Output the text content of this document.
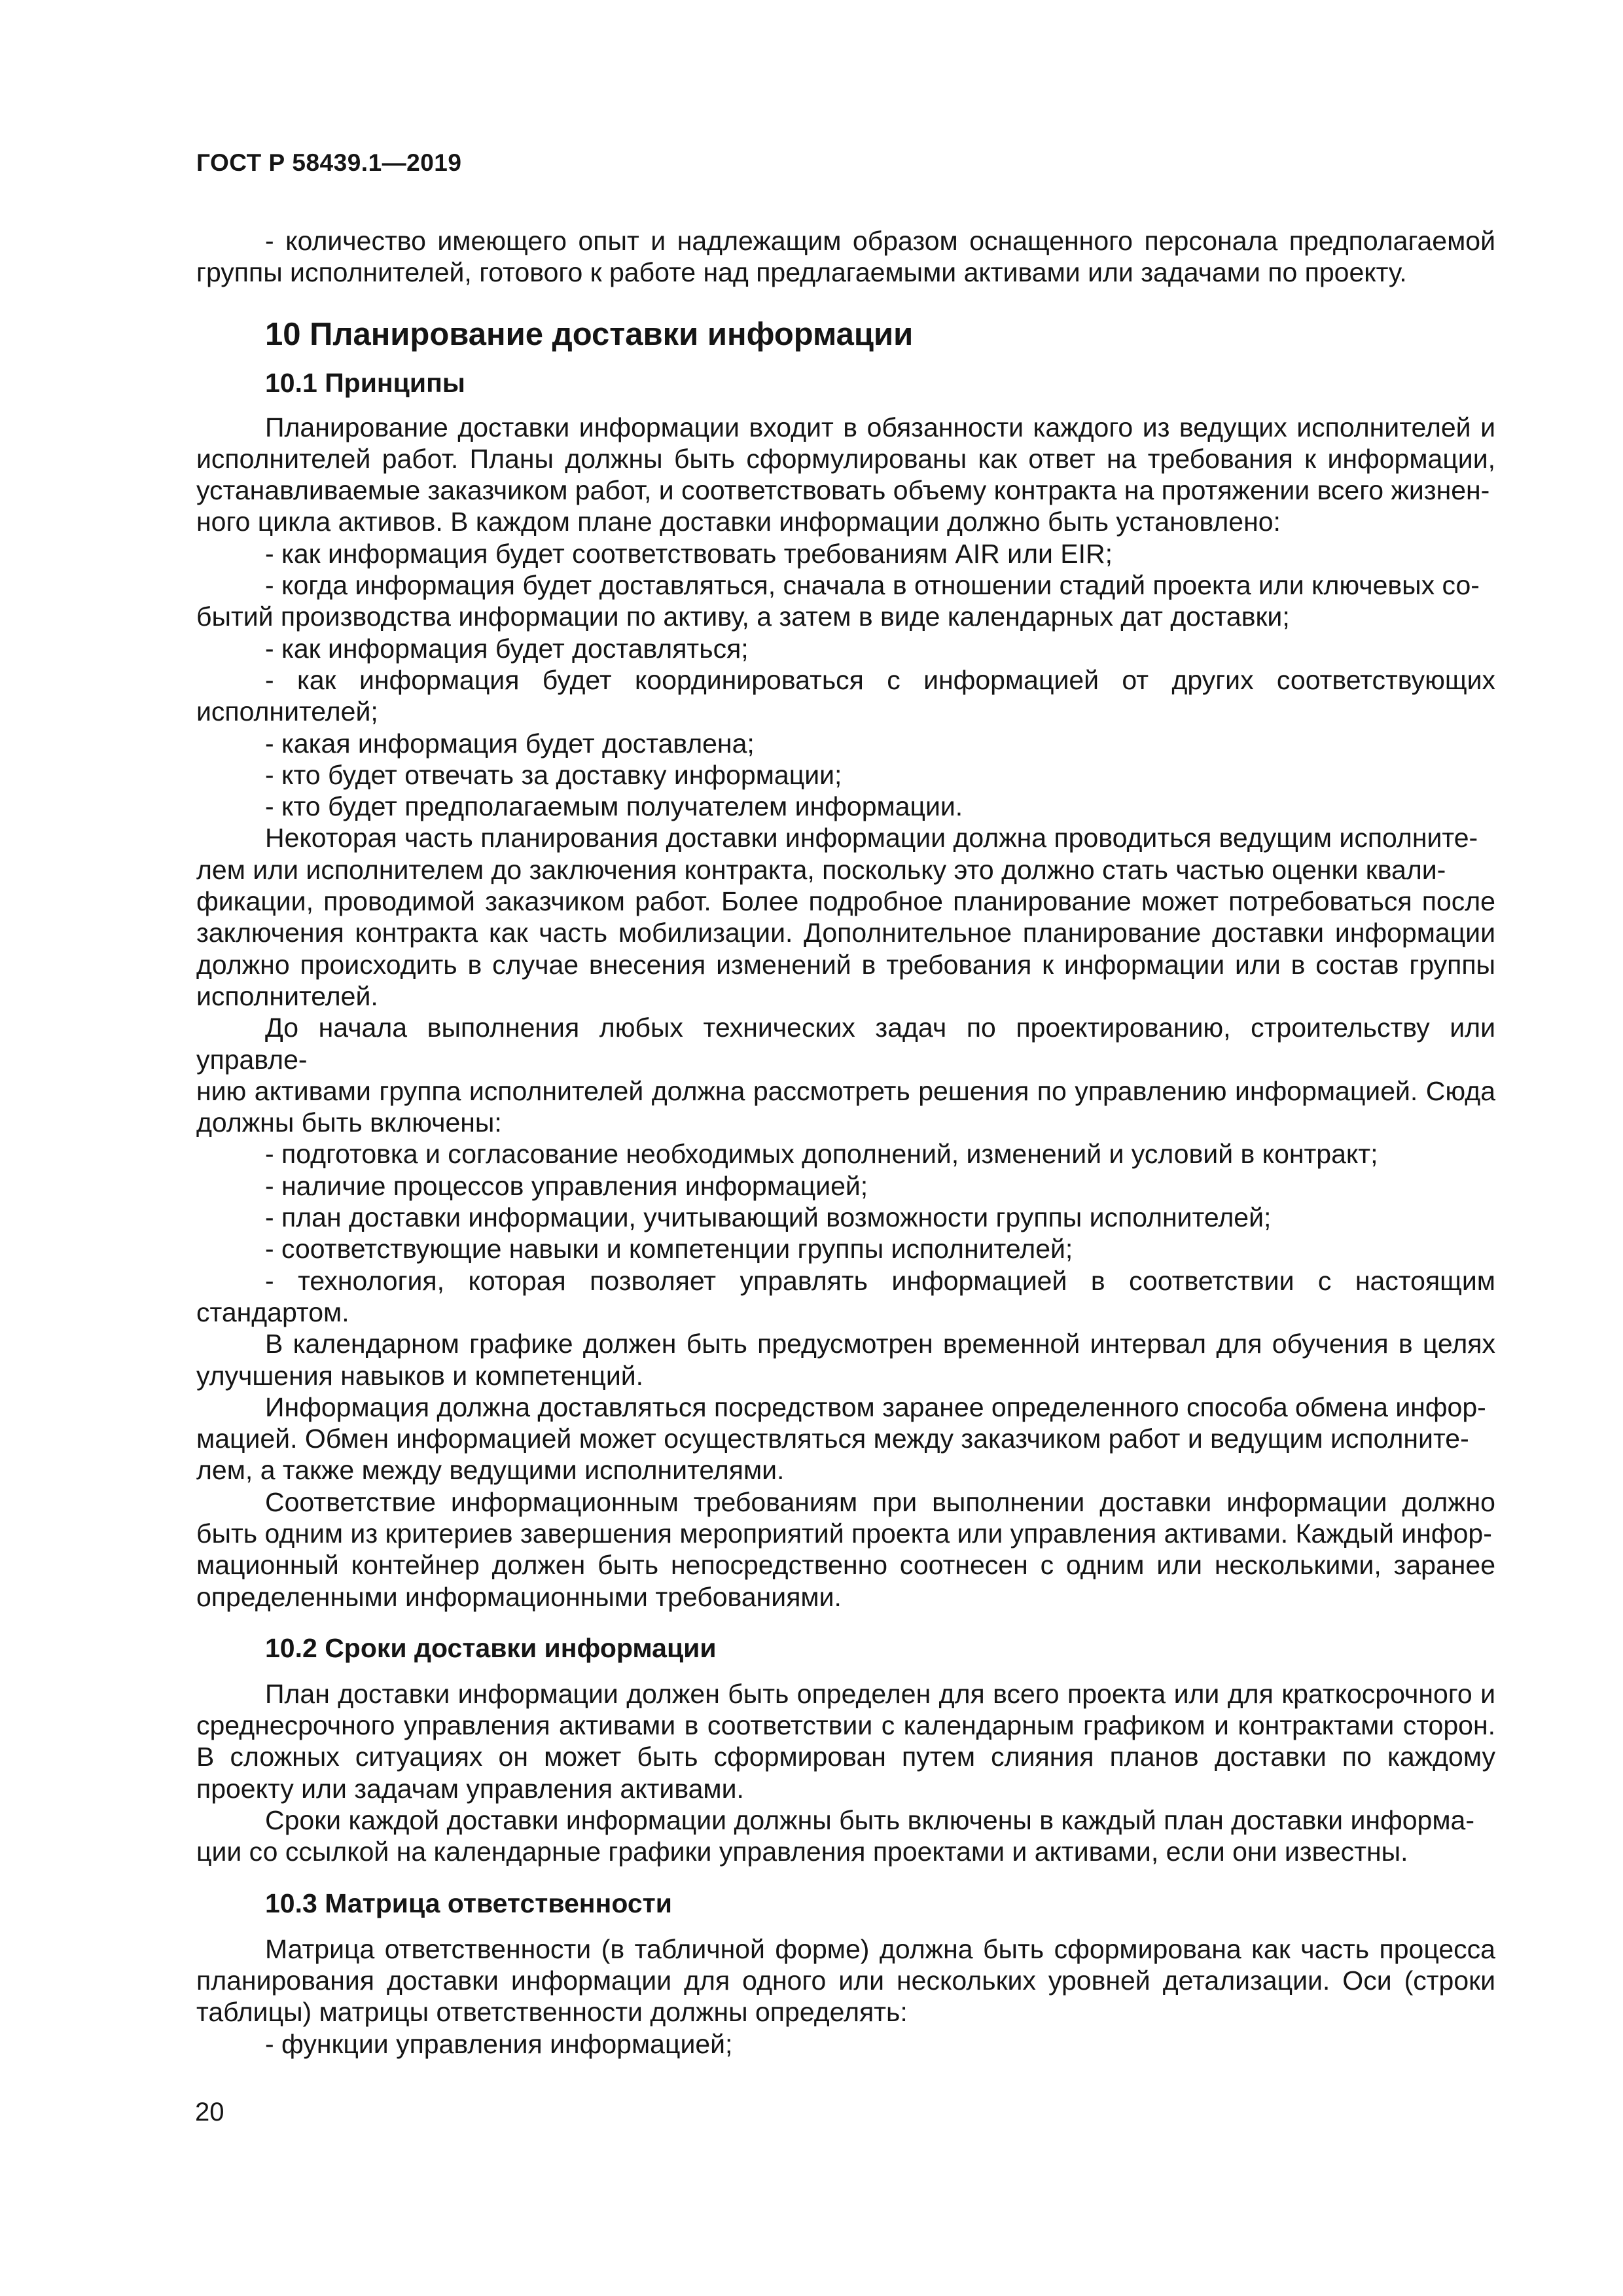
ГОСТ Р 58439.1—2019

- количество имеющего опыт и надлежащим образом оснащенного персонала предполагаемой группы исполнителей, готового к работе над предлагаемыми активами или задачами по проекту.

10 Планирование доставки информации
10.1 Принципы

Планирование доставки информации входит в обязанности каждого из ведущих исполнителей и исполнителей работ. Планы должны быть сформулированы как ответ на требования к информации, устанавливаемые заказчиком работ, и соответствовать объему контракта на протяжении всего жизнен-

ного цикла активов. В каждом плане доставки информации должно быть установлено:

- как информация будет соответствовать требованиям AIR или EIR;

- когда информация будет доставляться, сначала в отношении стадий проекта или ключевых со-

бытий производства информации по активу, а затем в виде календарных дат доставки;

- как информация будет доставляться;

- как информация будет координироваться с информацией от других соответствующих исполнителей;

- какая информация будет доставлена;

- кто будет отвечать за доставку информации;

- кто будет предполагаемым получателем информации.

Некоторая часть планирования доставки информации должна проводиться ведущим исполните-

лем или исполнителем до заключения контракта, поскольку это должно стать частью оценки квали-

фикации, проводимой заказчиком работ. Более подробное планирование может потребоваться после заключения контракта как часть мобилизации. Дополнительное планирование доставки информации должно происходить в случае внесения изменений в требования к информации или в состав группы исполнителей.

До начала выполнения любых технических задач по проектированию, строительству или управле-

нию активами группа исполнителей должна рассмотреть решения по управлению информацией. Сюда должны быть включены:

- подготовка и согласование необходимых дополнений, изменений и условий в контракт;

- наличие процессов управления информацией;

- план доставки информации, учитывающий возможности группы исполнителей;

- соответствующие навыки и компетенции группы исполнителей;

- технология, которая позволяет управлять информацией в соответствии с настоящим стандартом.

В календарном графике должен быть предусмотрен временной интервал для обучения в целях улучшения навыков и компетенций.

Информация должна доставляться посредством заранее определенного способа обмена инфор-

мацией. Обмен информацией может осуществляться между заказчиком работ и ведущим исполните-

лем, а также между ведущими исполнителями.

Соответствие информационным требованиям при выполнении доставки информации должно быть одним из критериев завершения мероприятий проекта или управления активами. Каждый инфор-

мационный контейнер должен быть непосредственно соотнесен с одним или несколькими, заранее определенными информационными требованиями.

10.2 Сроки доставки информации

План доставки информации должен быть определен для всего проекта или для краткосрочного и среднесрочного управления активами в соответствии с календарным графиком и контрактами сторон. В сложных ситуациях он может быть сформирован путем слияния планов доставки по каждому проекту или задачам управления активами.

Сроки каждой доставки информации должны быть включены в каждый план доставки информа-

ции со ссылкой на календарные графики управления проектами и активами, если они известны.

10.3 Матрица ответственности

Матрица ответственности (в табличной форме) должна быть сформирована как часть процесса планирования доставки информации для одного или нескольких уровней детализации. Оси (строки таблицы) матрицы ответственности должны определять:

- функции управления информацией;

20
